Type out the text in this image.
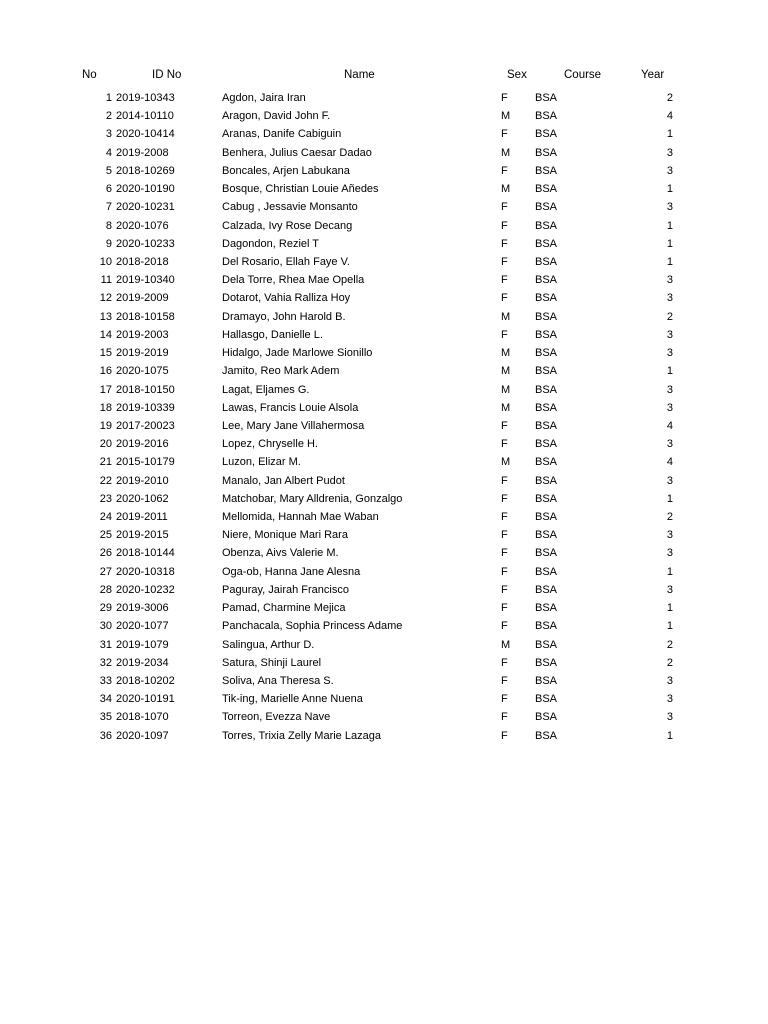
No	ID No	Name	Sex	Course	Year
1 2019-10343	Agdon, Jaira Iran	F BSA	2
2 2014-10110	Aragon, David John F.	M BSA	4
3 2020-10414	Aranas, Danife Cabiguin	F BSA	1
4 2019-2008	Benhera, Julius Caesar Dadao	M BSA	3
5 2018-10269	Boncales, Arjen Labukana	F BSA	3
6 2020-10190	Bosque, Christian Louie Añedes	M BSA	1
7 2020-10231	Cabug , Jessavie Monsanto	F BSA	3
8 2020-1076	Calzada, Ivy Rose Decang	F BSA	1
9 2020-10233	Dagondon, Reziel T	F BSA	1
10 2018-2018	Del Rosario, Ellah Faye V.	F BSA	1
11 2019-10340	Dela Torre, Rhea Mae Opella	F BSA	3
12 2019-2009	Dotarot, Vahia Ralliza Hoy	F BSA	3
13 2018-10158	Dramayo, John Harold B.	M BSA	2
14 2019-2003	Hallasgo, Danielle L.	F BSA	3
15 2019-2019	Hidalgo, Jade Marlowe Sionillo	M BSA	3
16 2020-1075	Jamito, Reo Mark Adem	M BSA	1
17 2018-10150	Lagat, Eljames G.	M BSA	3
18 2019-10339	Lawas, Francis Louie Alsola	M BSA	3
19 2017-20023	Lee, Mary Jane Villahermosa	F BSA	4
20 2019-2016	Lopez, Chryselle H.	F BSA	3
21 2015-10179	Luzon, Elizar M.	M BSA	4
22 2019-2010	Manalo, Jan Albert Pudot	F BSA	3
23 2020-1062	Matchobar, Mary Alldrenia, Gonzalgo	F BSA	1
24 2019-2011	Mellomida, Hannah Mae Waban	F BSA	2
25 2019-2015	Niere, Monique Mari Rara	F BSA	3
26 2018-10144	Obenza, Aivs Valerie M.	F BSA	3
27 2020-10318	Oga-ob, Hanna Jane Alesna	F BSA	1
28 2020-10232	Paguray, Jairah Francisco	F BSA	3
29 2019-3006	Pamad, Charmine Mejica	F BSA	1
30 2020-1077	Panchacala, Sophia Princess Adame	F BSA	1
31 2019-1079	Salingua, Arthur D.	M BSA	2
32 2019-2034	Satura, Shinji Laurel	F BSA	2
33 2018-10202	Soliva, Ana Theresa S.	F BSA	3
34 2020-10191	Tik-ing, Marielle Anne Nuena	F BSA	3
35 2018-1070	Torreon, Evezza Nave	F BSA	3
36 2020-1097	Torres, Trixia Zelly Marie Lazaga	F BSA	1
